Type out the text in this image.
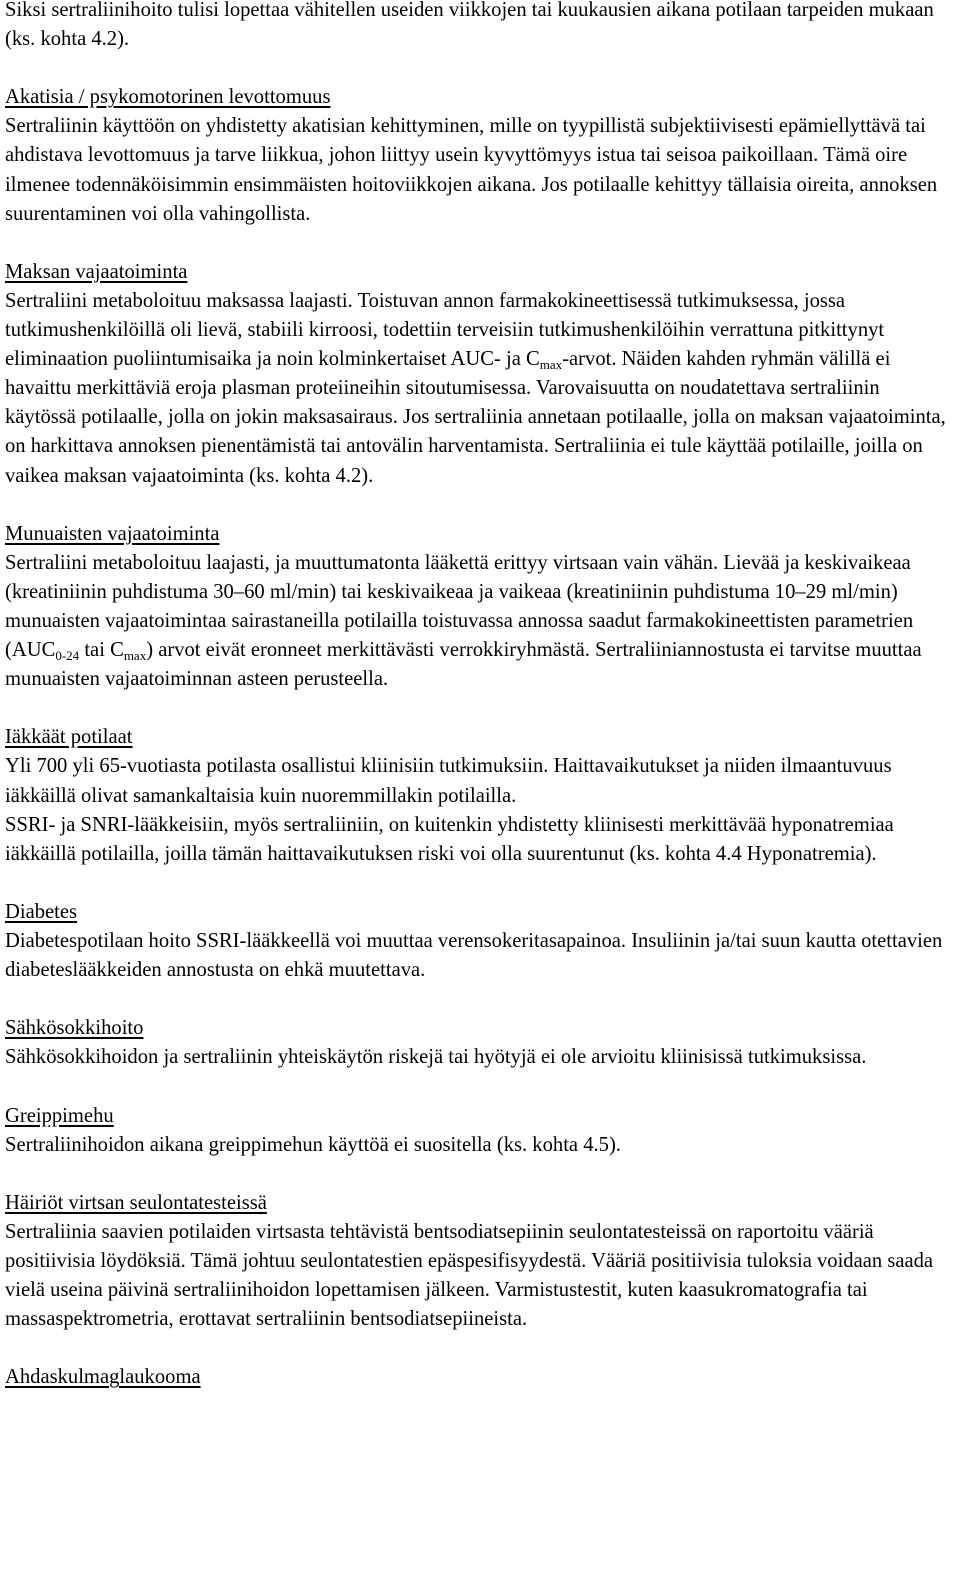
Siksi sertraliinihoito tulisi lopettaa vähitellen useiden viikkojen tai kuukausien aikana potilaan tarpeiden mukaan (ks. kohta 4.2).

Akatisia / psykomotorinen levottomuus

Sertraliinin käyttöön on yhdistetty akatisian kehittyminen, mille on tyypillistä subjektiivisesti epämiellyttävä tai ahdistava levottomuus ja tarve liikkua, johon liittyy usein kyvyttömyys istua tai seisoa paikoillaan. Tämä oire ilmenee todennäköisimmin ensimmäisten hoitoviikkojen aikana. Jos potilaalle kehittyy tällaisia oireita, annoksen suurentaminen voi olla vahingollista.

Maksan vajaatoiminta

Sertraliini metaboloituu maksassa laajasti. Toistuvan annon farmakokineettisessä tutkimuksessa, jossa tutkimushenkilöillä oli lievä, stabiili kirroosi, todettiin terveisiin tutkimushenkilöihin verrattuna pitkittynyt eliminaation puoliintumisaika ja noin kolminkertaiset AUC- ja $C_{max}$-arvot. Näiden kahden ryhmän välillä ei havaittu merkittäviä eroja plasman proteiineihin sitoutumisessa. Varovaisuutta on noudatettava sertraliinin käytössä potilaalle, jolla on jokin maksasairaus. Jos sertraliinia annetaan potilaalle, jolla on maksan vajaatoiminta, on harkittava annoksen pienentämistä tai antovälin harventamista. Sertraliinia ei tule käyttää potilaille, joilla on vaikea maksan vajaatoiminta (ks. kohta 4.2).

Munuaisten vajaatoiminta

Sertraliini metaboloituu laajasti, ja muuttumatonta lääkettä erittyy virtsaan vain vähän. Lievää ja keskivaikeaa (kreatiniinin puhdistuma 30–60 ml/min) tai keskivaikeaa ja vaikeaa (kreatiniinin puhdistuma 10–29 ml/min) munuaisten vajaatoimintaa sairastaneilla potilailla toistuvassa annossa saadut farmakokineettisten parametrien ($AUC_{0-24}$ tai $C_{max}$) arvot eivät eronneet merkittävästi verrokkiryhmästä. Sertraliiniannostusta ei tarvitse muuttaa munuaisten vajaatoiminnan asteen perusteella.

Iäkkäät potilaat

Yli 700 yli 65-vuotiasta potilasta osallistui kliinisiin tutkimuksiin. Haittavaikutukset ja niiden ilmaantuvuus iäkkäillä olivat samankaltaisia kuin nuoremmillakin potilailla.

SSRI- ja SNRI-lääkkeisiin, myös sertraliiniin, on kuitenkin yhdistetty kliinisesti merkittävää hyponatremiaa iäkkäillä potilailla, joilla tämän haittavaikutuksen riski voi olla suurentunut (ks. kohta 4.4 Hyponatremia).

Diabetes

Diabetespotilaan hoito SSRI-lääkkeellä voi muuttaa verensokeritasapainoa. Insuliinin ja/tai suun kautta otettavien diabeteslääkkeiden annostusta on ehkä muutettava.

Sähkösokkihoito

Sähkösokkihoidon ja sertraliinin yhteiskäytön riskejä tai hyötyjä ei ole arvioitu kliinisissä tutkimuksissa.

Greippimehu

Sertraliinihoidon aikana greippimehun käyttöä ei suositella (ks. kohta 4.5).

Häiriöt virtsan seulontatesteissä

Sertraliinia saavien potilaiden virtsasta tehtävistä bentsodiatsepiinin seulontatesteissä on raportoitu vääriä positiivisia löydöksiä. Tämä johtuu seulontatestien epäspesifisyydestä. Vääriä positiivisia tuloksia voidaan saada vielä useina päivinä sertraliinihoidon lopettamisen jälkeen. Varmistustestit, kuten kaasukromatografia tai massaspektrometria, erottavat sertraliinin bentsodiatsepiineista.

Ahdaskulmaglaukooma
